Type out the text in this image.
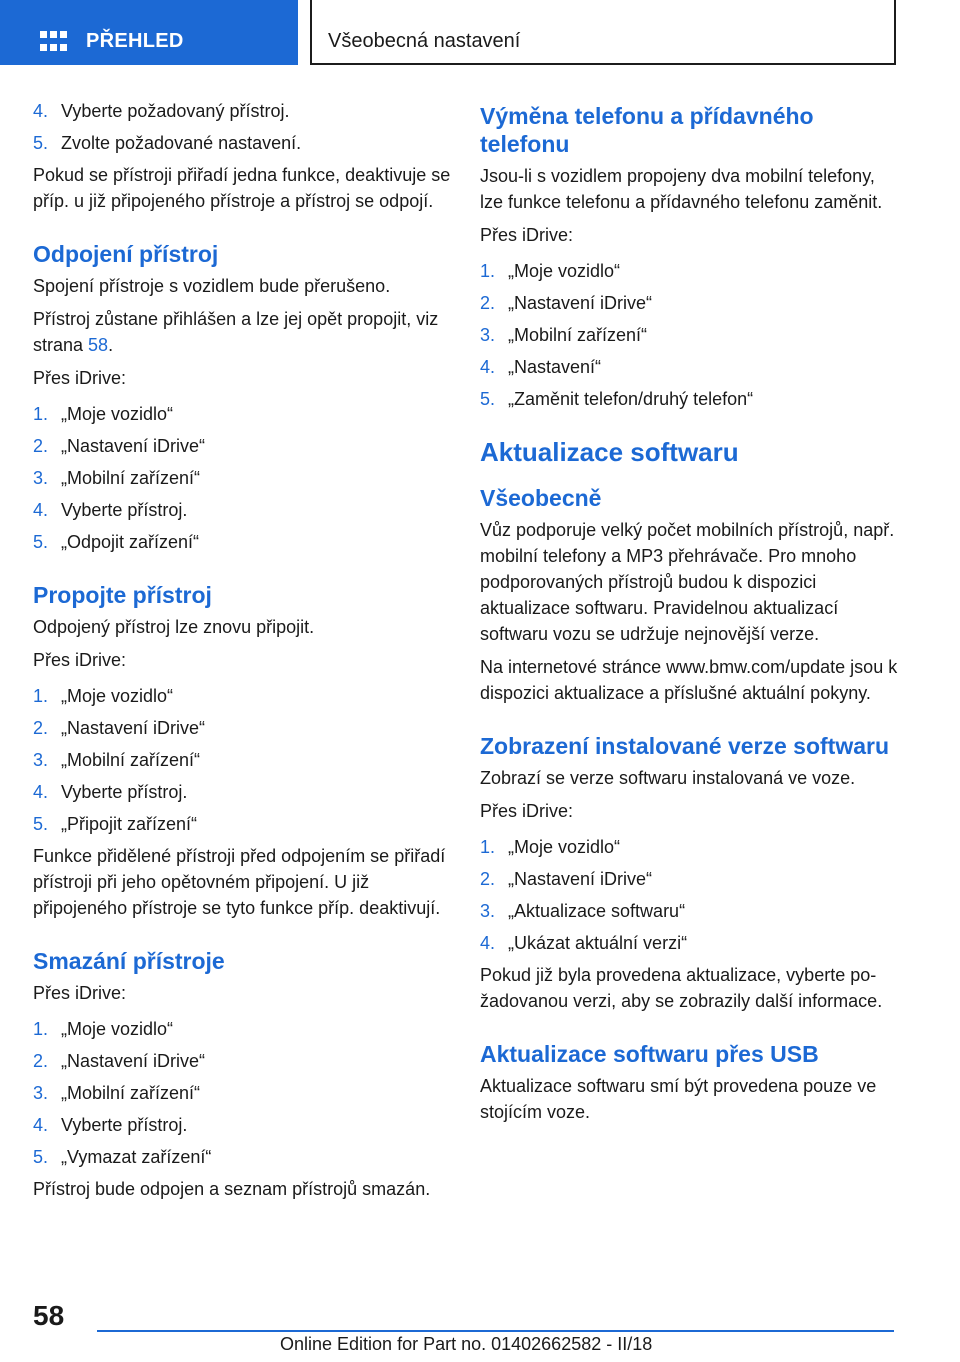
PŘEHLED	Všeobecná nastavení
4. Vyberte požadovaný přístroj.
5. Zvolte požadované nastavení.

Pokud se přístroji přiřadí jedna funkce, deaktivuje se příp. u již připojeného přístroje a přístroj se odpojí.

Odpojení přístroj

Spojení přístroje s vozidlem bude přerušeno.

Přístroj zůstane přihlášen a lze jej opět propojit, viz strana 58.

Přes iDrive:

1. „Moje vozidlo“
2. „Nastavení iDrive“
3. „Mobilní zařízení“
4. Vyberte přístroj.
5. „Odpojit zařízení“
Propojte přístroj

Odpojený přístroj lze znovu připojit.

Přes iDrive:

1. „Moje vozidlo“
2. „Nastavení iDrive“
3. „Mobilní zařízení“
4. Vyberte přístroj.
5. „Připojit zařízení“

Funkce přidělené přístroji před odpojením se přiřadí přístroji při jeho opětovném připojení. U již připojeného přístroje se tyto funkce příp. deaktivují.

Smazání přístroje

Přes iDrive:

1. „Moje vozidlo“
2. „Nastavení iDrive“
3. „Mobilní zařízení“
4. Vyberte přístroj.
5. „Vymazat zařízení“

Přístroj bude odpojen a seznam přístrojů smazán.

Výměna telefonu a přídavného telefonu

Jsou-li s vozidlem propojeny dva mobilní telefony, lze funkce telefonu a přídavného telefonu zaměnit.

Přes iDrive:

1. „Moje vozidlo“
2. „Nastavení iDrive“
3. „Mobilní zařízení“
4. „Nastavení“
5. „Zaměnit telefon/druhý telefon“
Aktualizace softwaru
Všeobecně

Vůz podporuje velký počet mobilních přístrojů, např. mobilní telefony a MP3 přehrávače. Pro mnoho podporovaných přístrojů budou k dispozici aktualizace softwaru. Pravidelnou aktualizací softwaru vozu se udržuje nejnovější verze.

Na internetové stránce www.bmw.com/update jsou k dispozici aktualizace a příslušné aktuální pokyny.

Zobrazení instalované verze softwaru

Zobrazí se verze softwaru instalovaná ve voze.

Přes iDrive:

1. „Moje vozidlo“
2. „Nastavení iDrive“
3. „Aktualizace softwaru“
4. „Ukázat aktuální verzi“

Pokud již byla provedena aktualizace, vyberte požadovanou verzi, aby se zobrazily další informace.

Aktualizace softwaru přes USB

Aktualizace softwaru smí být provedena pouze ve stojícím voze.

58
Online Edition for Part no. 01402662582 - II/18
